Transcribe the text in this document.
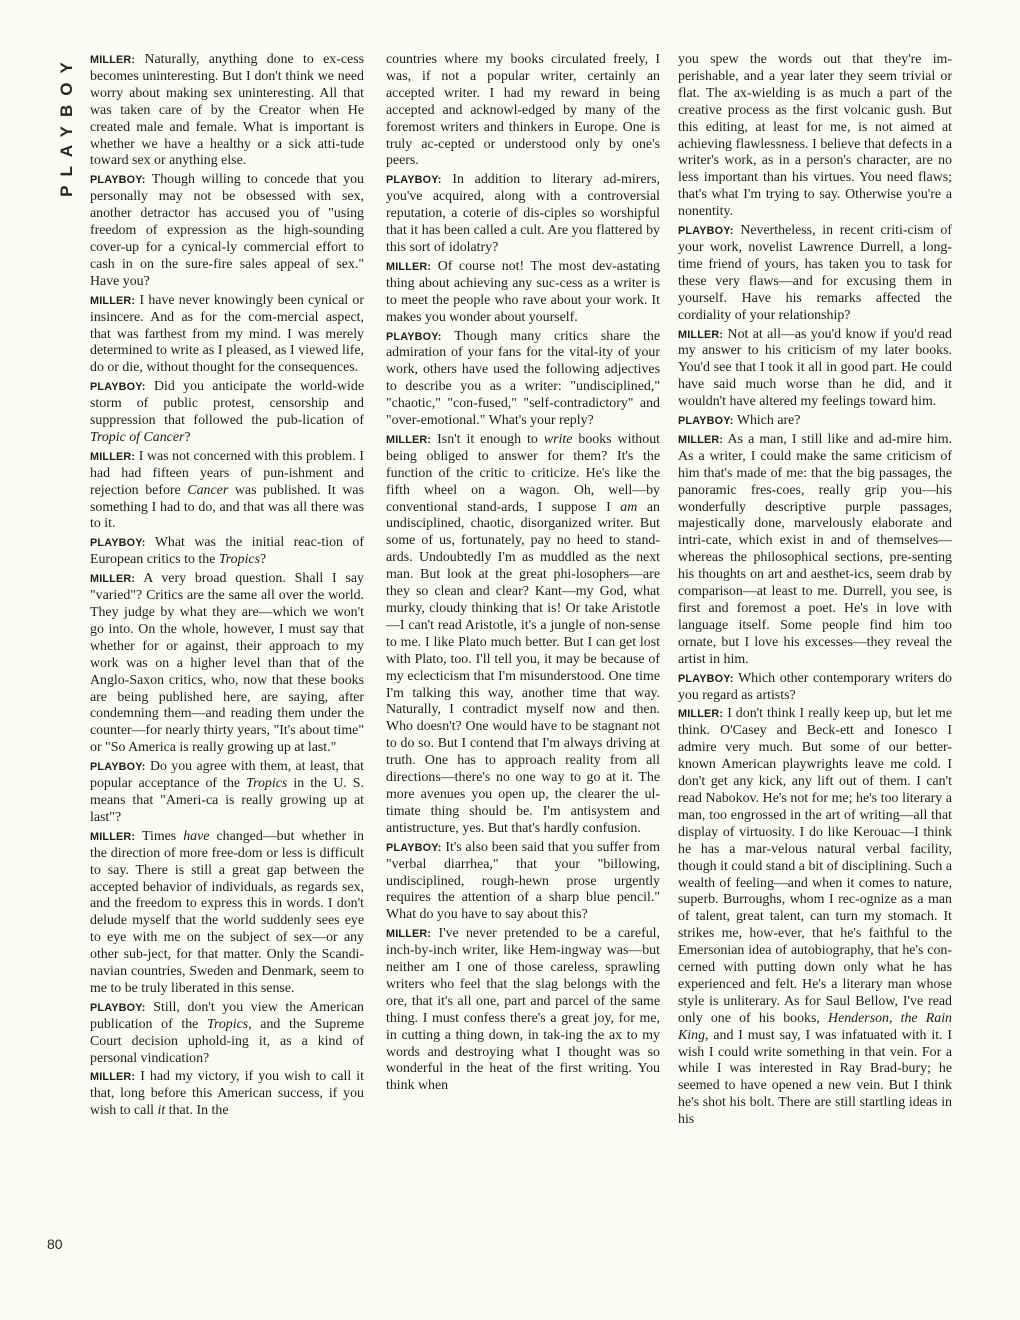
PLAYBOY MILLER: Naturally, anything done to ex-cess becomes uninteresting. But I don't think we need worry about making sex uninteresting. All that was taken care of by the Creator when He created male and female. What is important is whether we have a healthy or a sick atti-tude toward sex or anything else.

PLAYBOY: Though willing to concede that you personally may not be obsessed with sex, another detractor has accused you of "using freedom of expression as the high-sounding cover-up for a cynical-ly commercial effort to cash in on the sure-fire sales appeal of sex." Have you?

MILLER: I have never knowingly been cynical or insincere. And as for the com-mercial aspect, that was farthest from my mind. I was merely determined to write as I pleased, as I viewed life, do or die, without thought for the consequences.

PLAYBOY: Did you anticipate the world-wide storm of public protest, censorship and suppression that followed the pub-lication of Tropic of Cancer?

MILLER: I was not concerned with this problem. I had had fifteen years of pun-ishment and rejection before Cancer was published. It was something I had to do, and that was all there was to it.

PLAYBOY: What was the initial reac-tion of European critics to the Tropics?

MILLER: A very broad question. Shall I say "varied"? Critics are the same all over the world. They judge by what they are—which we won't go into. On the whole, however, I must say that whether for or against, their approach to my work was on a higher level than that of the Anglo-Saxon critics, who, now that these books are being published here, are saying, after condemning them—and reading them under the counter—for nearly thirty years, "It's about time" or "So America is really growing up at last."

PLAYBOY: Do you agree with them, at least, that popular acceptance of the Tropics in the U. S. means that "Ameri-ca is really growing up at last"?

MILLER: Times have changed—but whether in the direction of more free-dom or less is difficult to say. There is still a great gap between the accepted behavior of individuals, as regards sex, and the freedom to express this in words. I don't delude myself that the world suddenly sees eye to eye with me on the subject of sex—or any other sub-ject, for that matter. Only the Scandi-navian countries, Sweden and Denmark, seem to me to be truly liberated in this sense.

PLAYBOY: Still, don't you view the American publication of the Tropics, and the Supreme Court decision uphold-ing it, as a kind of personal vindication?

MILLER: I had my victory, if you wish to call it that, long before this American success, if you wish to call it that. In the

countries where my books circulated freely, I was, if not a popular writer, certainly an accepted writer. I had my reward in being accepted and acknowl-edged by many of the foremost writers and thinkers in Europe. One is truly ac-cepted or understood only by one's peers.

PLAYBOY: In addition to literary ad-mirers, you've acquired, along with a controversial reputation, a coterie of dis-ciples so worshipful that it has been called a cult. Are you flattered by this sort of idolatry?

MILLER: Of course not! The most dev-astating thing about achieving any suc-cess as a writer is to meet the people who rave about your work. It makes you wonder about yourself.

PLAYBOY: Though many critics share the admiration of your fans for the vital-ity of your work, others have used the following adjectives to describe you as a writer: "undisciplined," "chaotic," "con-fused," "self-contradictory" and "over-emotional." What's your reply?

MILLER: Isn't it enough to write books without being obliged to answer for them? It's the function of the critic to criticize. He's like the fifth wheel on a wagon. Oh, well—by conventional stand-ards, I suppose I am an undisciplined, chaotic, disorganized writer. But some of us, fortunately, pay no heed to stand-ards. Undoubtedly I'm as muddled as the next man. But look at the great phi-losophers—are they so clean and clear? Kant—my God, what murky, cloudy thinking that is! Or take Aristotle—I can't read Aristotle, it's a jungle of non-sense to me. I like Plato much better. But I can get lost with Plato, too. I'll tell you, it may be because of my eclecticism that I'm misunderstood. One time I'm talking this way, another time that way. Naturally, I contradict myself now and then. Who doesn't? One would have to be stagnant not to do so. But I contend that I'm always driving at truth. One has to approach reality from all directions—there's no one way to go at it. The more avenues you open up, the clearer the ul-timate thing should be. I'm antisystem and antistructure, yes. But that's hardly confusion.

PLAYBOY: It's also been said that you suffer from "verbal diarrhea," that your "billowing, undisciplined, rough-hewn prose urgently requires the attention of a sharp blue pencil." What do you have to say about this?

MILLER: I've never pretended to be a careful, inch-by-inch writer, like Hem-ingway was—but neither am I one of those careless, sprawling writers who feel that the slag belongs with the ore, that it's all one, part and parcel of the same thing. I must confess there's a great joy, for me, in cutting a thing down, in tak-ing the ax to my words and destroying what I thought was so wonderful in the heat of the first writing. You think when

you spew the words out that they're im-perishable, and a year later they seem trivial or flat. The ax-wielding is as much a part of the creative process as the first volcanic gush. But this editing, at least for me, is not aimed at achieving flawlessness. I believe that defects in a writer's work, as in a person's character, are no less important than his virtues. You need flaws; that's what I'm trying to say. Otherwise you're a nonentity.

PLAYBOY: Nevertheless, in recent criti-cism of your work, novelist Lawrence Durrell, a long-time friend of yours, has taken you to task for these very flaws—and for excusing them in yourself. Have his remarks affected the cordiality of your relationship?

MILLER: Not at all—as you'd know if you'd read my answer to his criticism of my later books. You'd see that I took it all in good part. He could have said much worse than he did, and it wouldn't have altered my feelings toward him.

PLAYBOY: Which are?

MILLER: As a man, I still like and ad-mire him. As a writer, I could make the same criticism of him that's made of me: that the big passages, the panoramic fres-coes, really grip you—his wonderfully descriptive purple passages, majestically done, marvelously elaborate and intri-cate, which exist in and of themselves—whereas the philosophical sections, pre-senting his thoughts on art and aesthet-ics, seem drab by comparison—at least to me. Durrell, you see, is first and foremost a poet. He's in love with language itself. Some people find him too ornate, but I love his excesses—they reveal the artist in him.

PLAYBOY: Which other contemporary writers do you regard as artists?

MILLER: I don't think I really keep up, but let me think. O'Casey and Beck-ett and Ionesco I admire very much. But some of our better-known American playwrights leave me cold. I don't get any kick, any lift out of them. I can't read Nabokov. He's not for me; he's too literary a man, too engrossed in the art of writing—all that display of virtuosity. I do like Kerouac—I think he has a mar-velous natural verbal facility, though it could stand a bit of disciplining. Such a wealth of feeling—and when it comes to nature, superb. Burroughs, whom I rec-ognize as a man of talent, great talent, can turn my stomach. It strikes me, how-ever, that he's faithful to the Emersonian idea of autobiography, that he's con-cerned with putting down only what he has experienced and felt. He's a literary man whose style is unliterary. As for Saul Bellow, I've read only one of his books, Henderson, the Rain King, and I must say, I was infatuated with it. I wish I could write something in that vein. For a while I was interested in Ray Brad-bury; he seemed to have opened a new vein. But I think he's shot his bolt. There are still startling ideas in his

80
